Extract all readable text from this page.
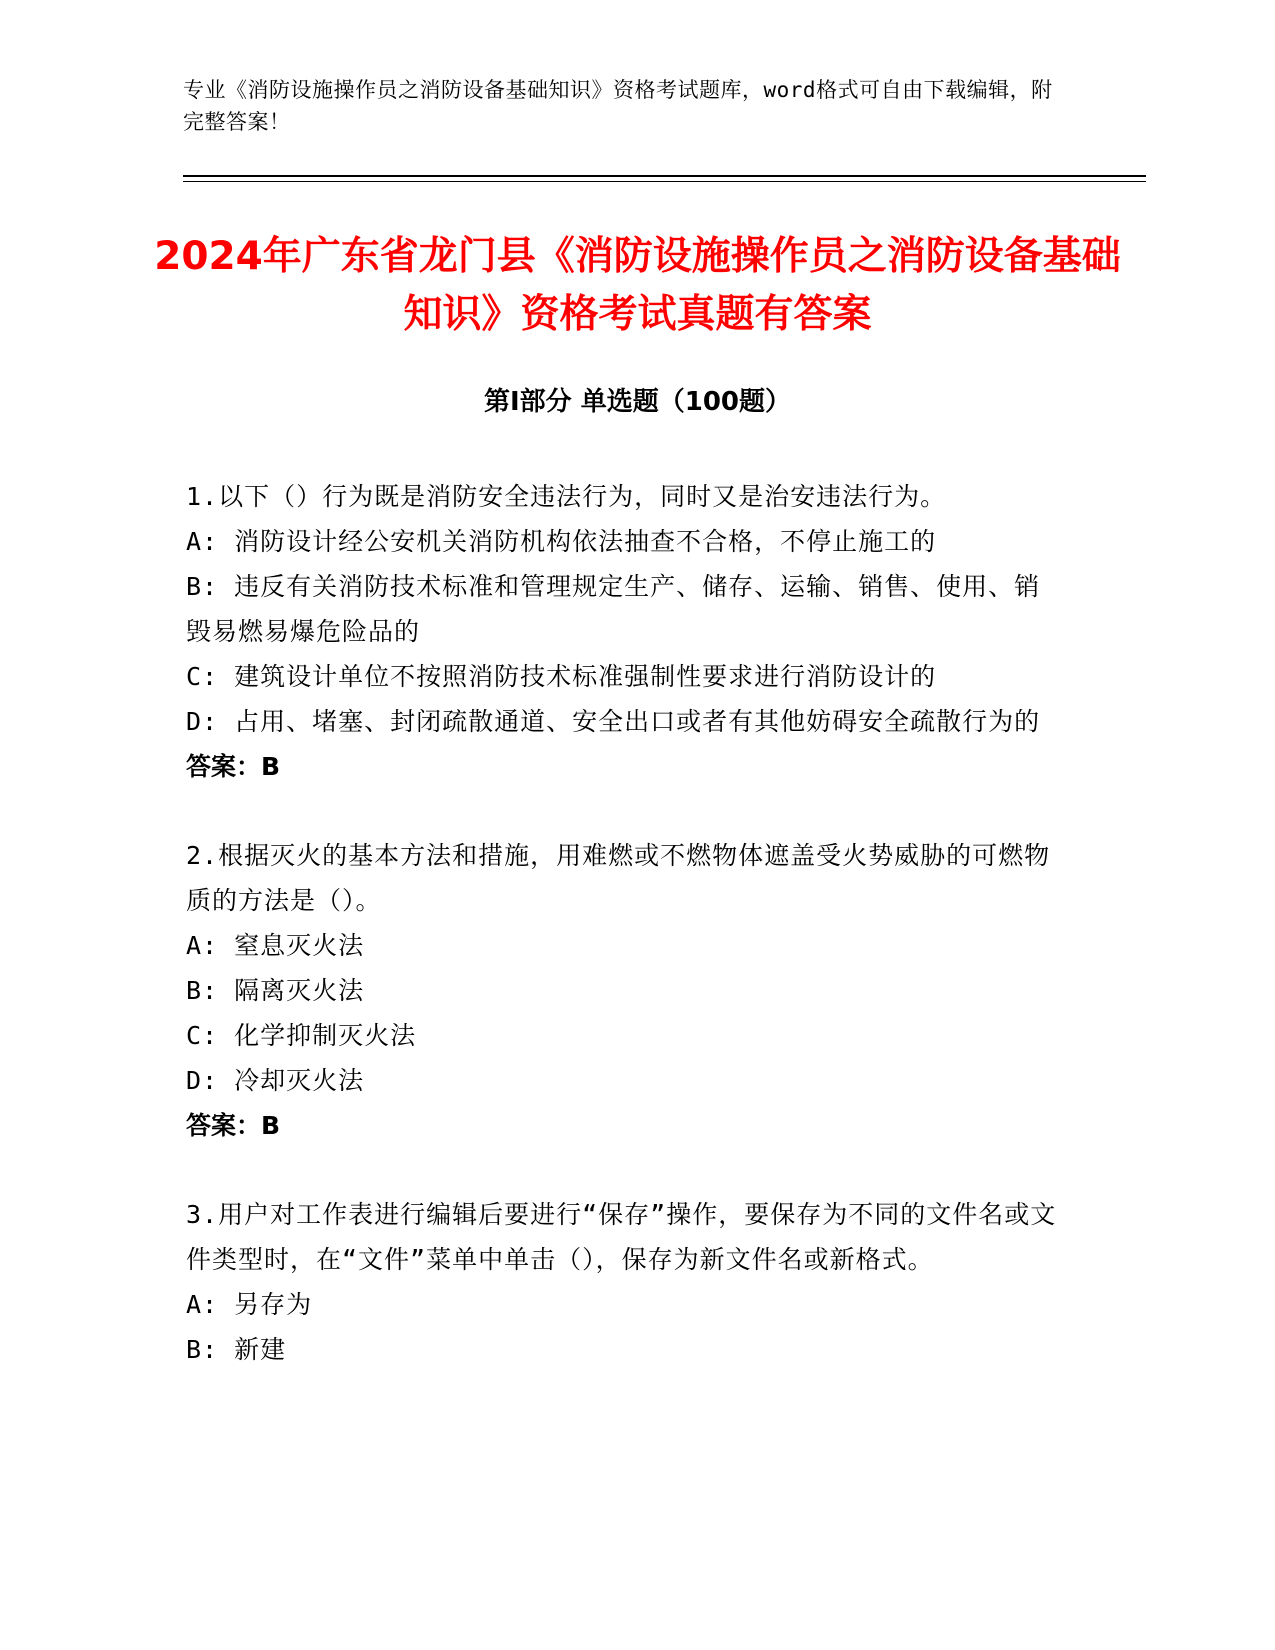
专业《消防设施操作员之消防设备基础知识》资格考试题库，word格式可自由下载编辑，附完整答案！
2024年广东省龙门县《消防设施操作员之消防设备基础知识》资格考试真题有答案
第Ⅰ部分 单选题（100题）
1.以下（）行为既是消防安全违法行为，同时又是治安违法行为。
A: 消防设计经公安机关消防机构依法抽查不合格，不停止施工的
B: 违反有关消防技术标准和管理规定生产、储存、运输、销售、使用、销毁易燃易爆危险品的
C: 建筑设计单位不按照消防技术标准强制性要求进行消防设计的
D: 占用、堵塞、封闭疏散通道、安全出口或者有其他妨碍安全疏散行为的
答案：B
2.根据灭火的基本方法和措施，用难燃或不燃物体遮盖受火势威胁的可燃物质的方法是（）。
A: 窒息灭火法
B: 隔离灭火法
C: 化学抑制灭火法
D: 冷却灭火法
答案：B
3.用户对工作表进行编辑后要进行“保存”操作，要保存为不同的文件名或文件类型时，在“文件”菜单中单击（），保存为新文件名或新格式。
A: 另存为
B: 新建
